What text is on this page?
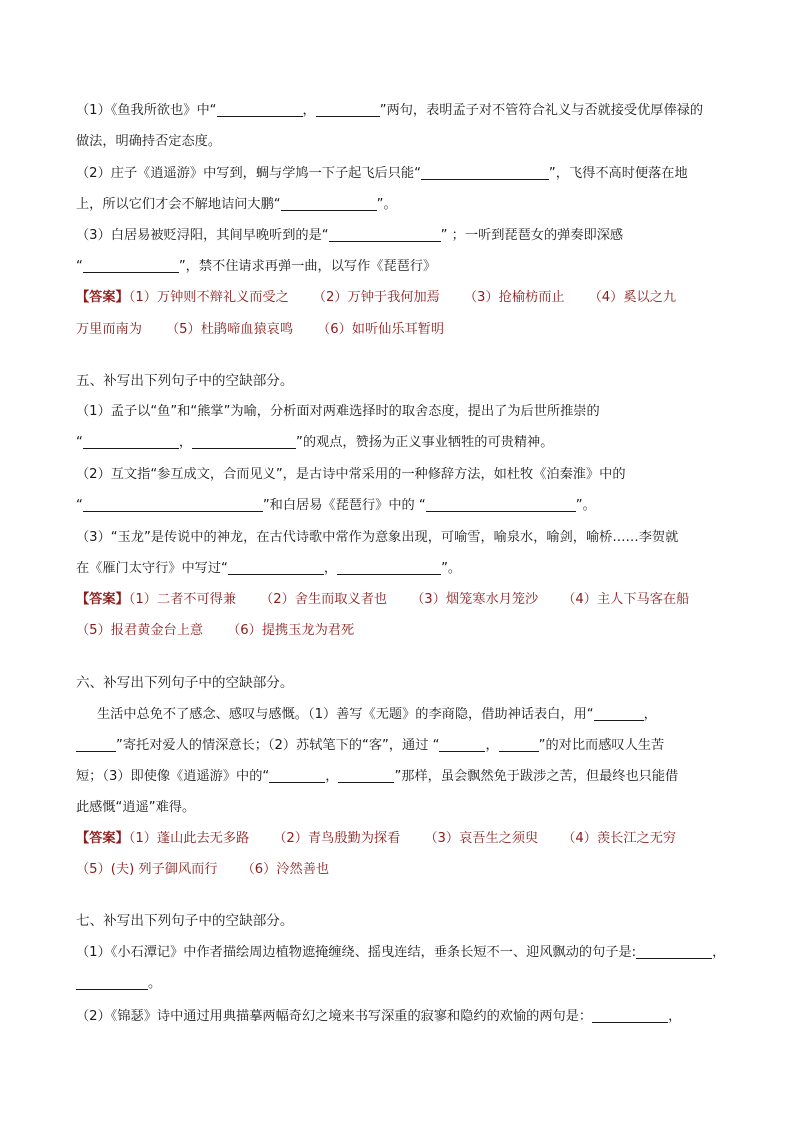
（1）《鱼我所欲也》中“	，	”两句，表明孟子对不管符合礼义与否就接受优厚俸禄的
做法，明确持否定态度。
（2）庄子《逍遥游》中写到，蜩与学鸠一下子起飞后只能“	”，飞得不高时便落在地
上，所以它们才会不解地诘问大鹏“	”。
（3）白居易被贬浔阳，其间早晚听到的是“	” ；一听到琵琶女的弹奏即深感
“	”，禁不住请求再弹一曲，以写作《琵琶行》
【答案】（1）万钟则不辩礼义而受之 （2）万钟于我何加焉 （3）抢榆枋而止 （4）奚以之九
万里而南为 （5）杜鹃啼血猿哀鸣 （6）如听仙乐耳暂明
五、补写出下列句子中的空缺部分。
（1）孟子以“鱼”和“熊掌”为喻，分析面对两难选择时的取舍态度，提出了为后世所推崇的
“	，	”的观点，赞扬为正义事业牺牲的可贵精神。
（2）互文指“参互成文，合而见义”，是古诗中常采用的一种修辞方法，如杜牧《泊秦淮》中的
“	”和白居易《琵琶行》中的 “	”。
（3）“玉龙”是传说中的神龙，在古代诗歌中常作为意象出现，可喻雪，喻泉水，喻剑，喻桥……李贺就
在《雁门太守行》中写过“	，	”。
【答案】（1）二者不可得兼 （2）舍生而取义者也 （3）烟笼寒水月笼沙 （4）主人下马客在船
（5）报君黄金台上意 （6）提携玉龙为君死
六、补写出下列句子中的空缺部分。
生活中总免不了感念、感叹与感慨。（1）善写《无题》的李商隐，借助神话表白，用“	，
”寄托对爱人的情深意长；（2）苏轼笔下的“客”，通过 “	，	”的对比而感叹人生苦
短；（3）即使像《逍遥游》中的“	，	”那样，虽会飘然免于跋涉之苦，但最终也只能借
此感慨“逍遥”难得。
【答案】（1）蓬山此去无多路 （2）青鸟殷勤为探看 （3）哀吾生之须臾 （4）羡长江之无穷
（5）(夫) 列子御风而行 （6）泠然善也
七、补写出下列句子中的空缺部分。
（1）《小石潭记》中作者描绘周边植物遮掩缠绕、摇曳连结，垂条长短不一、迎风飘动的句子是:	，
。
（2）《锦瑟》诗中通过用典描摹两幅奇幻之境来书写深重的寂寥和隐约的欢愉的两句是：	，
